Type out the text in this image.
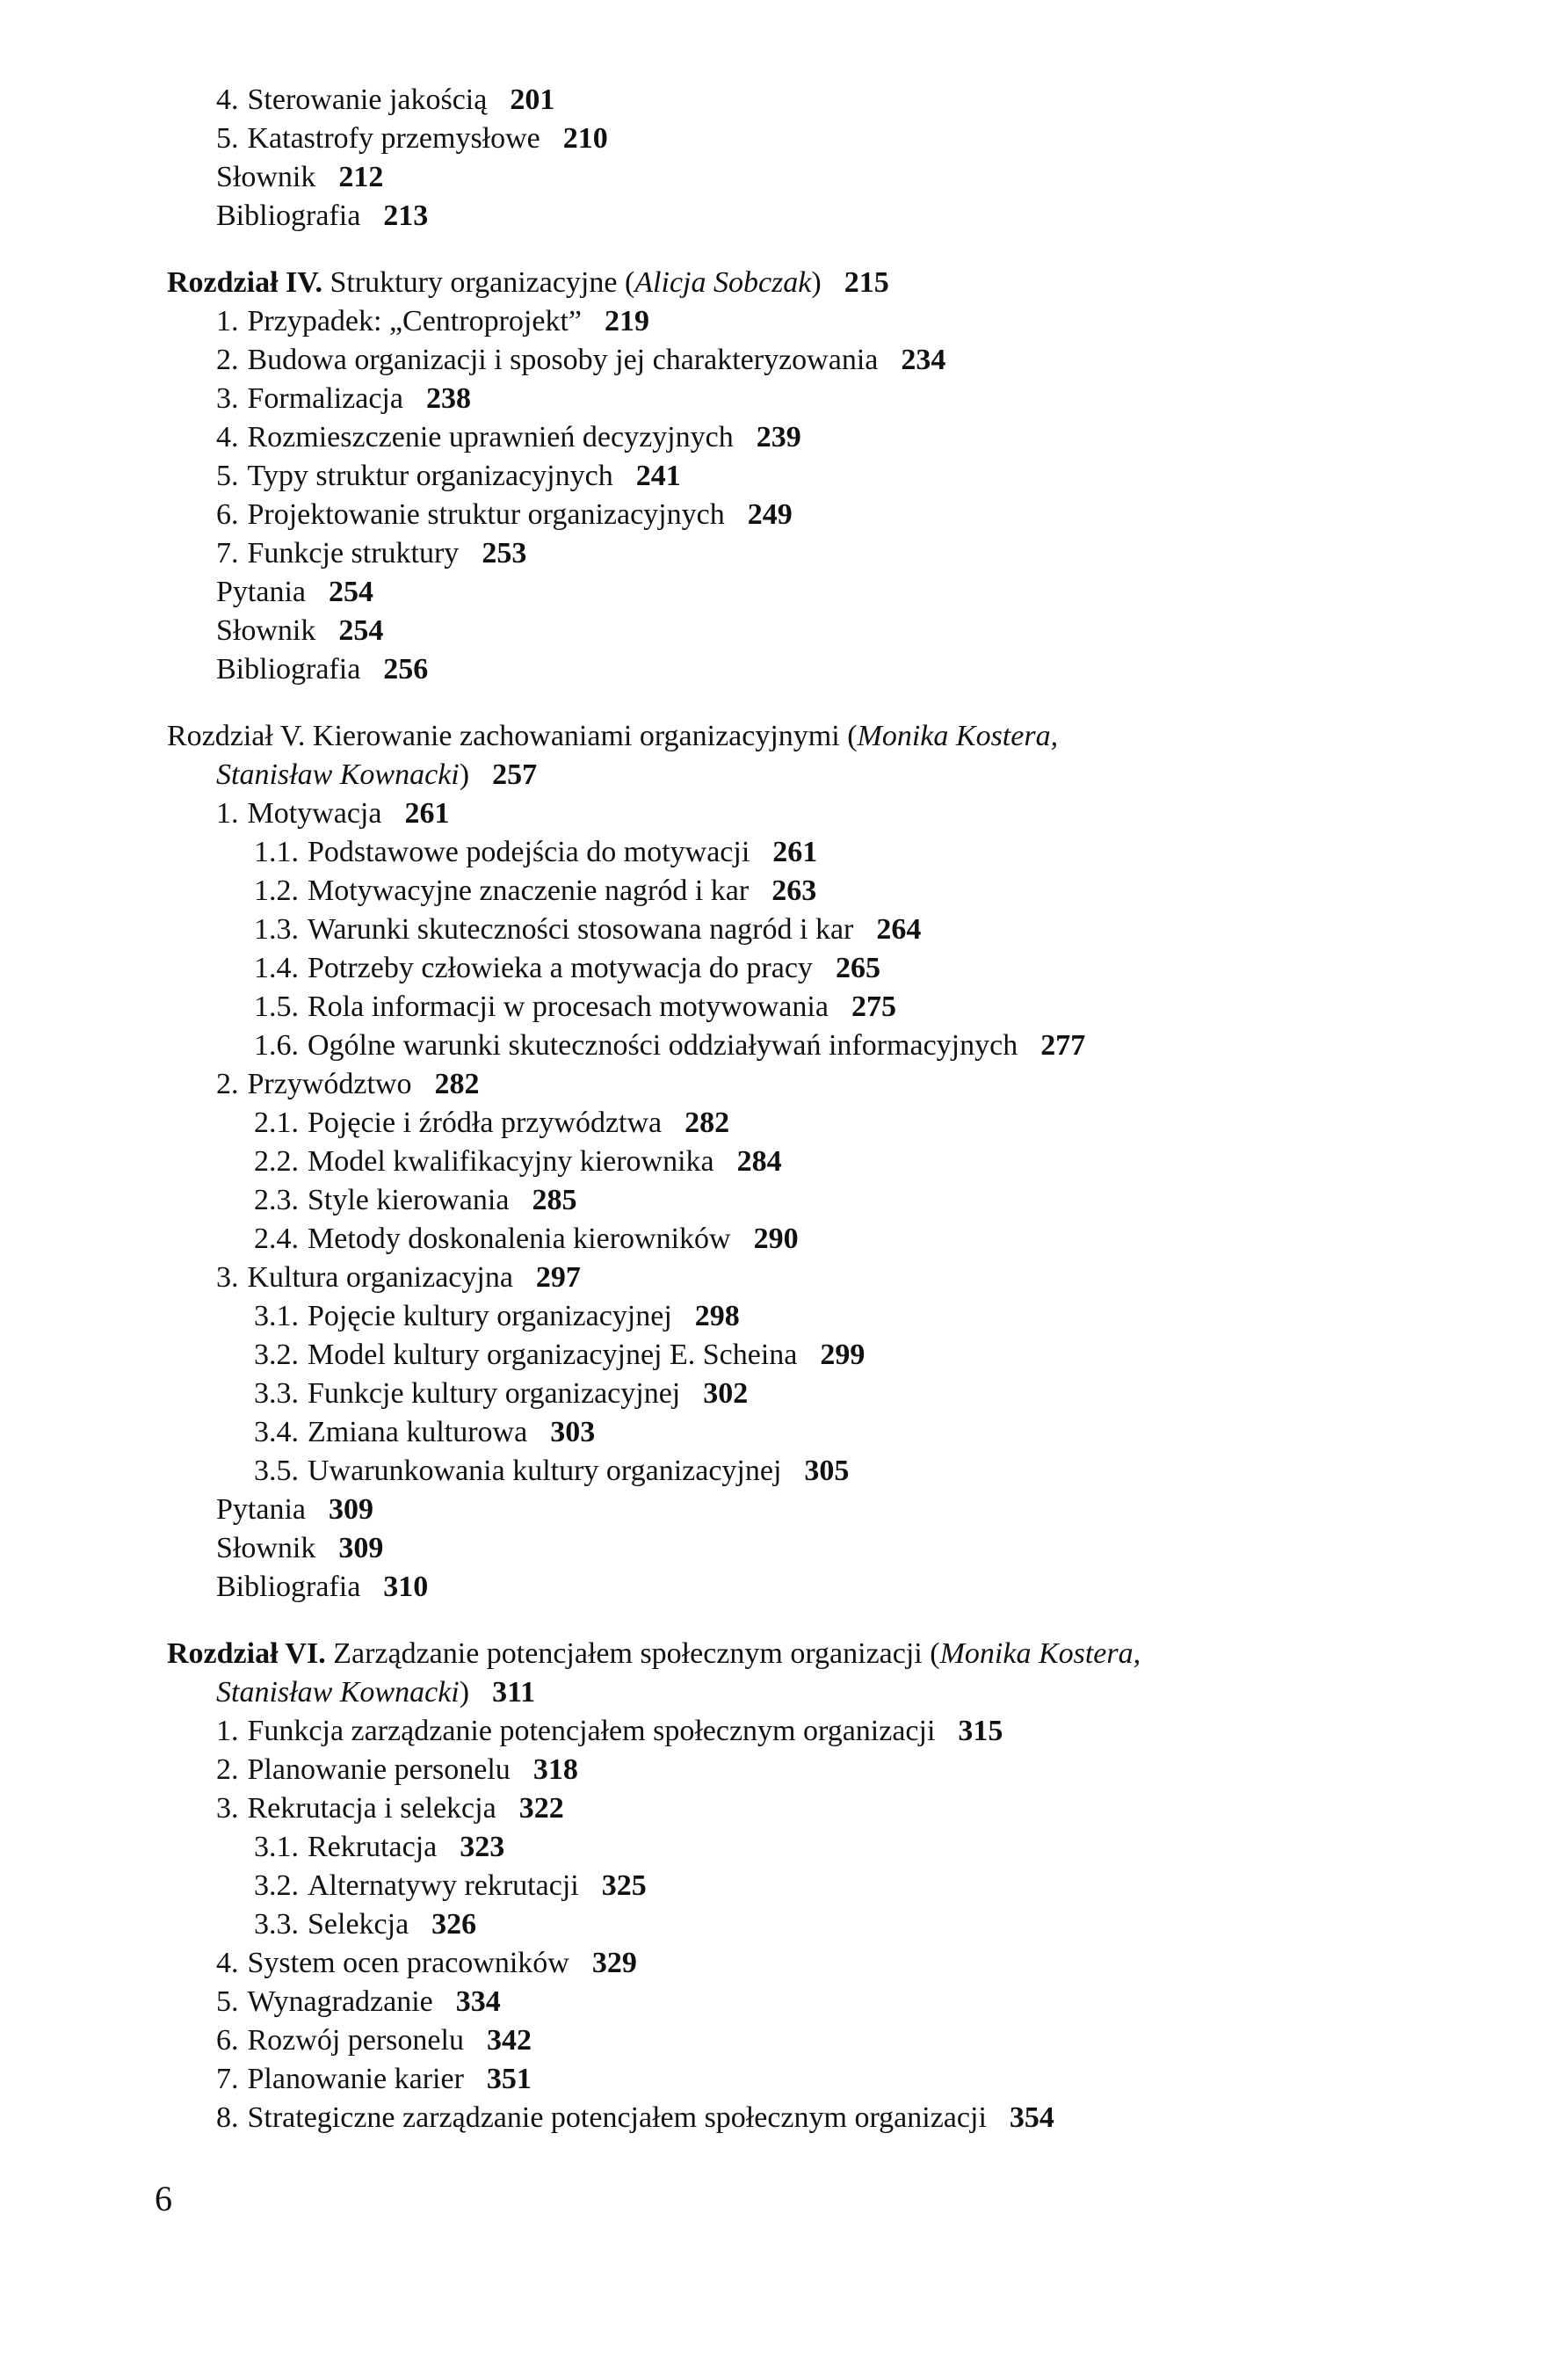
4. Sterowanie jakością 201
5. Katastrofy przemysłowe 210
Słownik 212
Bibliografia 213
Rozdział IV. Struktury organizacyjne (Alicja Sobczak) 215
1. Przypadek: „Centroprojekt” 219
2. Budowa organizacji i sposoby jej charakteryzowania 234
3. Formalizacja 238
4. Rozmieszczenie uprawnień decyzyjnych 239
5. Typy struktur organizacyjnych 241
6. Projektowanie struktur organizacyjnych 249
7. Funkcje struktury 253
Pytania 254
Słownik 254
Bibliografia 256
Rozdział V. Kierowanie zachowaniami organizacyjnymi (Monika Kostera,
Stanisław Kownacki) 257
1. Motywacja 261
1.1. Podstawowe podejścia do motywacji 261
1.2. Motywacyjne znaczenie nagród i kar 263
1.3. Warunki skuteczności stosowana nagród i kar 264
1.4. Potrzeby człowieka a motywacja do pracy 265
1.5. Rola informacji w procesach motywowania 275
1.6. Ogólne warunki skuteczności oddziaływań informacyjnych 277
2. Przywództwo 282
2.1. Pojęcie i źródła przywództwa 282
2.2. Model kwalifikacyjny kierownika 284
2.3. Style kierowania 285
2.4. Metody doskonalenia kierowników 290
3. Kultura organizacyjna 297
3.1. Pojęcie kultury organizacyjnej 298
3.2. Model kultury organizacyjnej E. Scheina 299
3.3. Funkcje kultury organizacyjnej 302
3.4. Zmiana kulturowa 303
3.5. Uwarunkowania kultury organizacyjnej 305
Pytania 309
Słownik 309
Bibliografia 310
Rozdział VI. Zarządzanie potencjałem społecznym organizacji (Monika Kostera,
Stanisław Kownacki) 311
1. Funkcja zarządzanie potencjałem społecznym organizacji 315
2. Planowanie personelu 318
3. Rekrutacja i selekcja 322
3.1. Rekrutacja 323
3.2. Alternatywy rekrutacji 325
3.3. Selekcja 326
4. System ocen pracowników 329
5. Wynagradzanie 334
6. Rozwój personelu 342
7. Planowanie karier 351
8. Strategiczne zarządzanie potencjałem społecznym organizacji 354
6
